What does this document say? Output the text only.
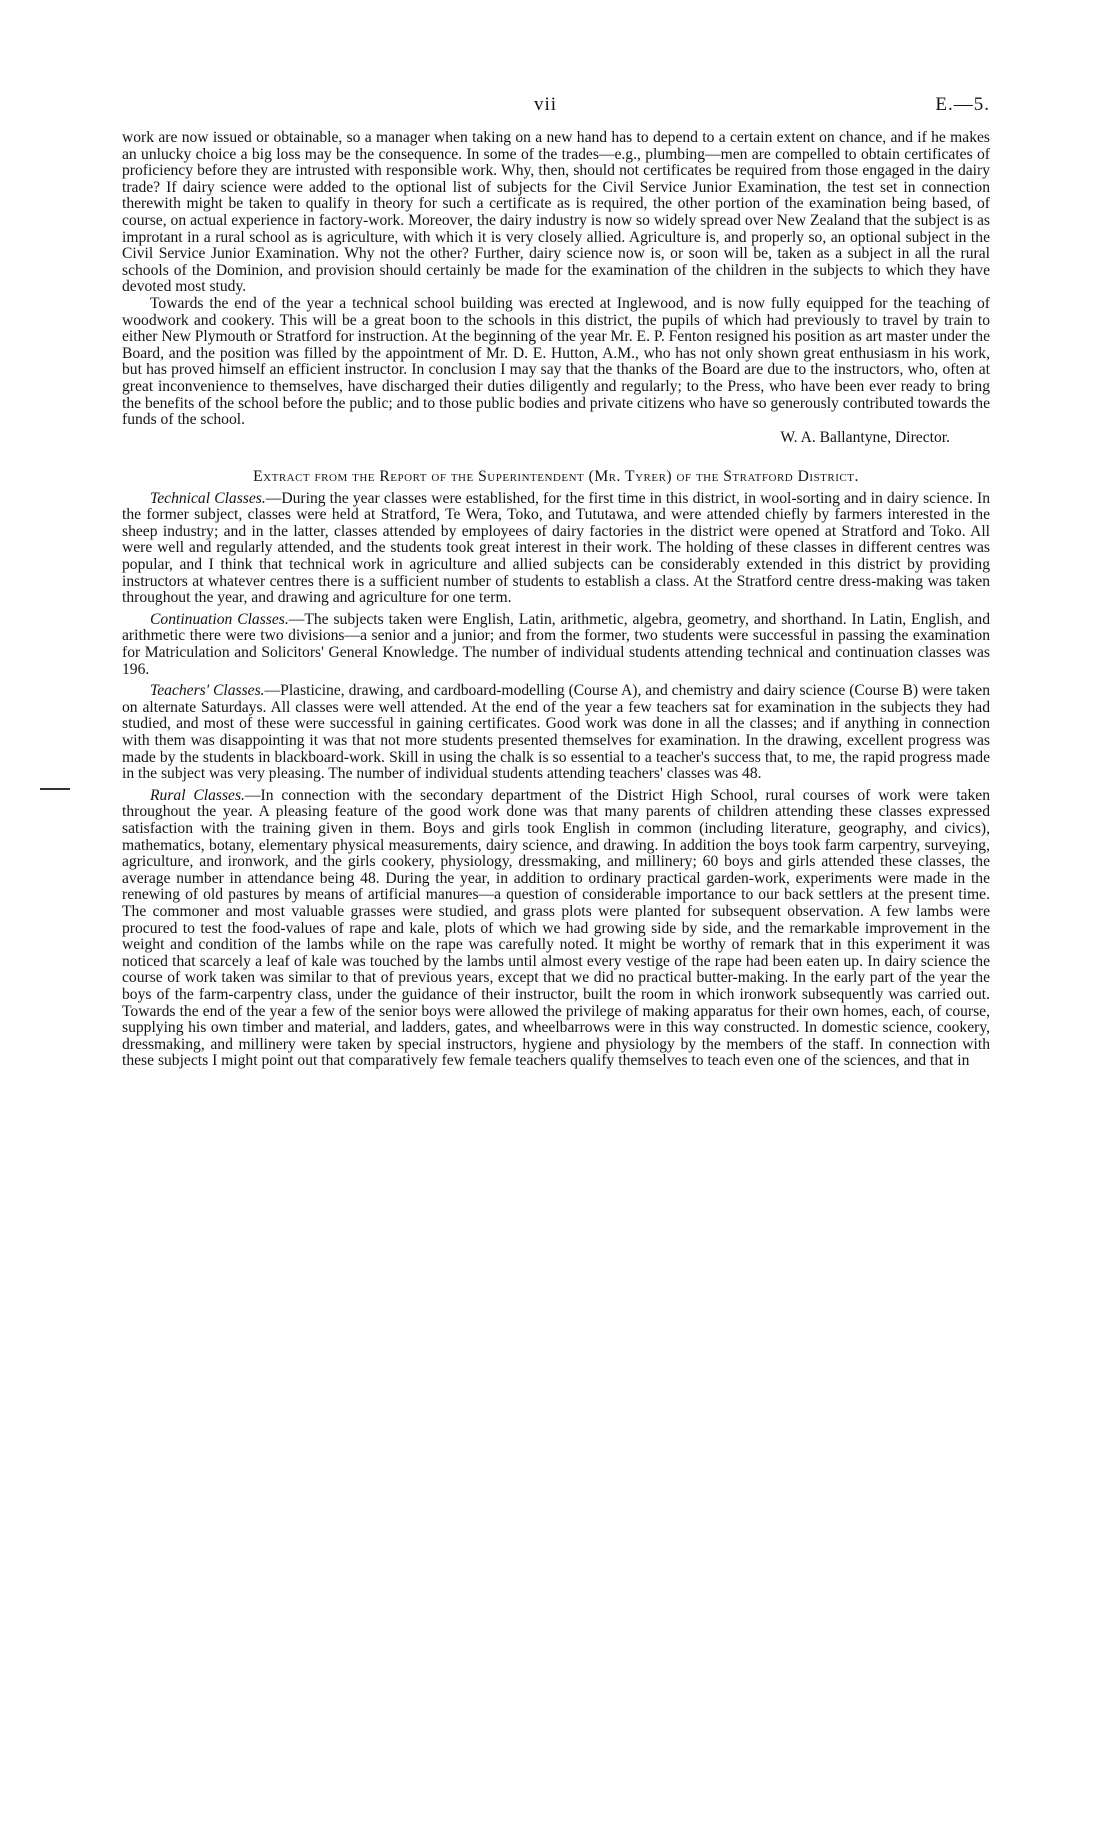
vii	E.—5.

work are now issued or obtainable, so a manager when taking on a new hand has to depend to a certain extent on chance, and if he makes an unlucky choice a big loss may be the consequence. In some of the trades—e.g., plumbing—men are compelled to obtain certificates of proficiency before they are intrusted with responsible work. Why, then, should not certificates be required from those engaged in the dairy trade? If dairy science were added to the optional list of subjects for the Civil Service Junior Examination, the test set in connection therewith might be taken to qualify in theory for such a certificate as is required, the other portion of the examination being based, of course, on actual experience in factory-work. Moreover, the dairy industry is now so widely spread over New Zealand that the subject is as improtant in a rural school as is agriculture, with which it is very closely allied. Agriculture is, and properly so, an optional subject in the Civil Service Junior Examination. Why not the other? Further, dairy science now is, or soon will be, taken as a subject in all the rural schools of the Dominion, and provision should certainly be made for the examination of the children in the subjects to which they have devoted most study.

Towards the end of the year a technical school building was erected at Inglewood, and is now fully equipped for the teaching of woodwork and cookery. This will be a great boon to the schools in this district, the pupils of which had previously to travel by train to either New Plymouth or Stratford for instruction. At the beginning of the year Mr. E. P. Fenton resigned his position as art master under the Board, and the position was filled by the appointment of Mr. D. E. Hutton, A.M., who has not only shown great enthusiasm in his work, but has proved himself an efficient instructor. In conclusion I may say that the thanks of the Board are due to the instructors, who, often at great inconvenience to themselves, have discharged their duties diligently and regularly; to the Press, who have been ever ready to bring the benefits of the school before the public; and to those public bodies and private citizens who have so generously contributed towards the funds of the school.

W. A. Ballantyne, Director.
Extract from the Report of the Superintendent (Mr. Tyrer) of the Stratford District.

Technical Classes.—During the year classes were established, for the first time in this district, in wool-sorting and in dairy science. In the former subject, classes were held at Stratford, Te Wera, Toko, and Tututawa, and were attended chiefly by farmers interested in the sheep industry; and in the latter, classes attended by employees of dairy factories in the district were opened at Stratford and Toko. All were well and regularly attended, and the students took great interest in their work. The holding of these classes in different centres was popular, and I think that technical work in agriculture and allied subjects can be considerably extended in this district by providing instructors at whatever centres there is a sufficient number of students to establish a class. At the Stratford centre dress-making was taken throughout the year, and drawing and agriculture for one term.

Continuation Classes.—The subjects taken were English, Latin, arithmetic, algebra, geometry, and shorthand. In Latin, English, and arithmetic there were two divisions—a senior and a junior; and from the former, two students were successful in passing the examination for Matriculation and Solicitors' General Knowledge. The number of individual students attending technical and continuation classes was 196.

Teachers' Classes.—Plasticine, drawing, and cardboard-modelling (Course A), and chemistry and dairy science (Course B) were taken on alternate Saturdays. All classes were well attended. At the end of the year a few teachers sat for examination in the subjects they had studied, and most of these were successful in gaining certificates. Good work was done in all the classes; and if anything in connection with them was disappointing it was that not more students presented themselves for examination. In the drawing, excellent progress was made by the students in blackboard-work. Skill in using the chalk is so essential to a teacher's success that, to me, the rapid progress made in the subject was very pleasing. The number of individual students attending teachers' classes was 48.

Rural Classes.—In connection with the secondary department of the District High School, rural courses of work were taken throughout the year. A pleasing feature of the good work done was that many parents of children attending these classes expressed satisfaction with the training given in them. Boys and girls took English in common (including literature, geography, and civics), mathematics, botany, elementary physical measurements, dairy science, and drawing. In addition the boys took farm carpentry, surveying, agriculture, and ironwork, and the girls cookery, physiology, dressmaking, and millinery; 60 boys and girls attended these classes, the average number in attendance being 48. During the year, in addition to ordinary practical garden-work, experiments were made in the renewing of old pastures by means of artificial manures—a question of considerable importance to our back settlers at the present time. The commoner and most valuable grasses were studied, and grass plots were planted for subsequent observation. A few lambs were procured to test the food-values of rape and kale, plots of which we had growing side by side, and the remarkable improvement in the weight and condition of the lambs while on the rape was carefully noted. It might be worthy of remark that in this experiment it was noticed that scarcely a leaf of kale was touched by the lambs until almost every vestige of the rape had been eaten up. In dairy science the course of work taken was similar to that of previous years, except that we did no practical butter-making. In the early part of the year the boys of the farm-carpentry class, under the guidance of their instructor, built the room in which ironwork subsequently was carried out. Towards the end of the year a few of the senior boys were allowed the privilege of making apparatus for their own homes, each, of course, supplying his own timber and material, and ladders, gates, and wheelbarrows were in this way constructed. In domestic science, cookery, dressmaking, and millinery were taken by special instructors, hygiene and physiology by the members of the staff. In connection with these subjects I might point out that comparatively few female teachers qualify themselves to teach even one of the sciences, and that in
